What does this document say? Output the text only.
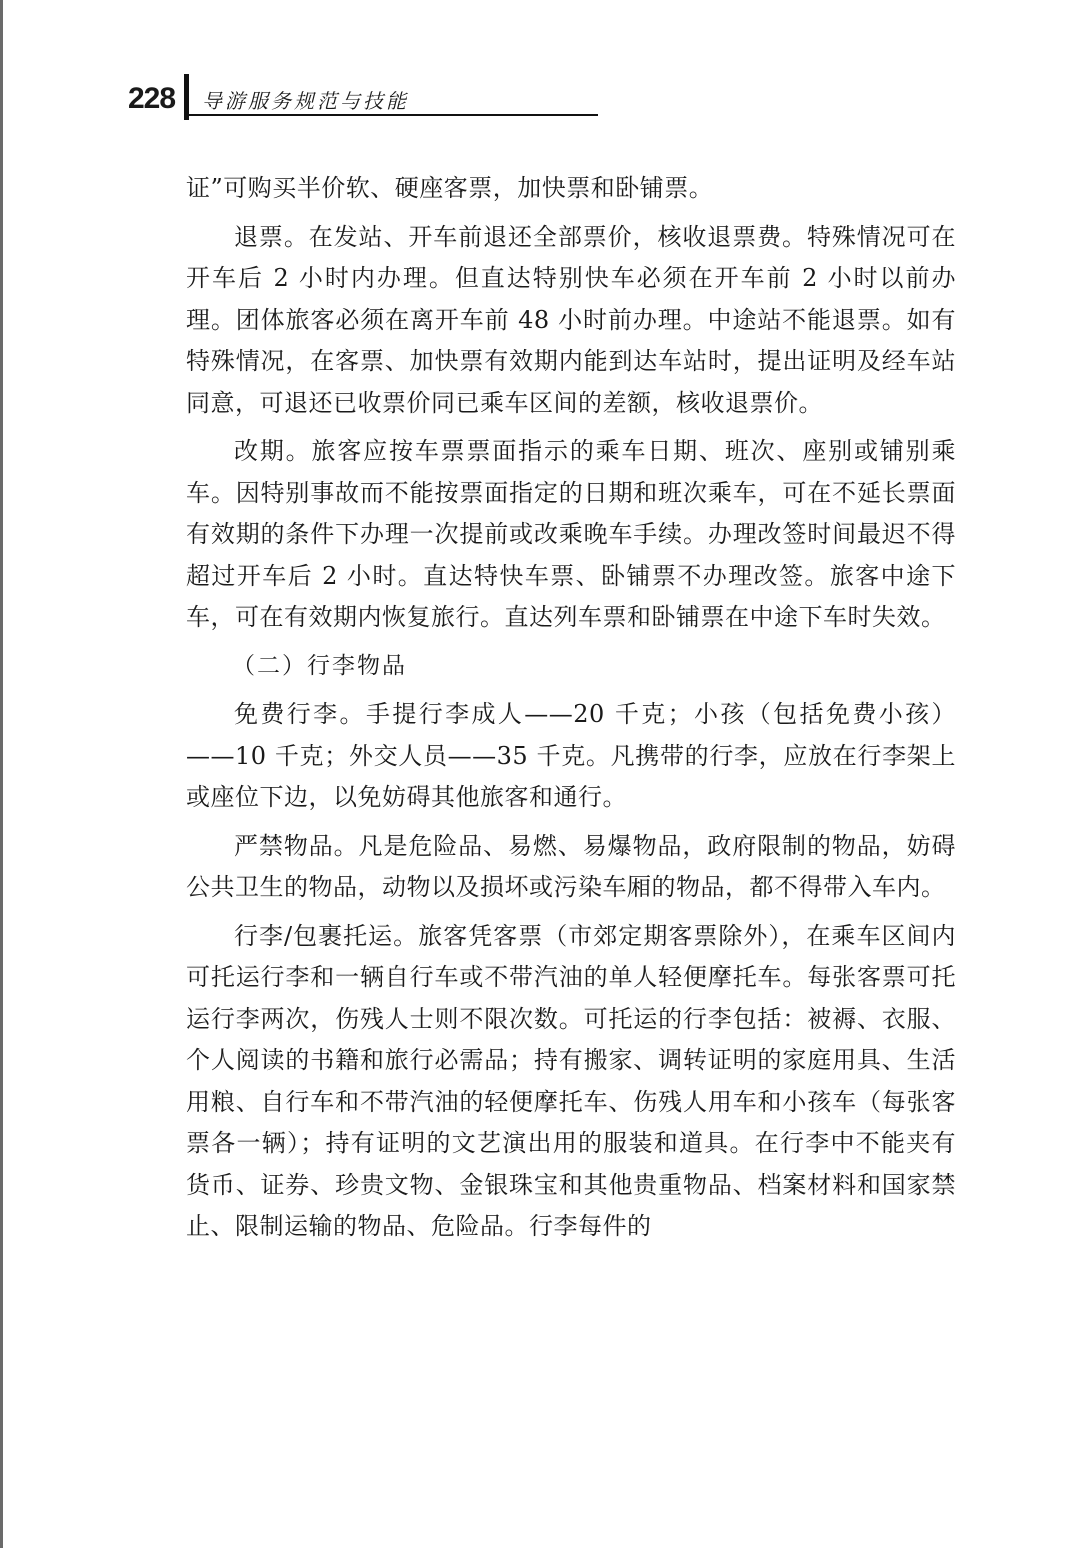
228 导游服务规范与技能

证”可购买半价软、硬座客票，加快票和卧铺票。

退票。在发站、开车前退还全部票价，核收退票费。特殊情况可在开车后 2 小时内办理。但直达特别快车必须在开车前 2 小时以前办理。团体旅客必须在离开车前 48 小时前办理。中途站不能退票。如有特殊情况，在客票、加快票有效期内能到达车站时，提出证明及经车站同意，可退还已收票价同已乘车区间的差额，核收退票价。

改期。旅客应按车票票面指示的乘车日期、班次、座别或铺别乘车。因特别事故而不能按票面指定的日期和班次乘车，可在不延长票面有效期的条件下办理一次提前或改乘晚车手续。办理改签时间最迟不得超过开车后 2 小时。直达特快车票、卧铺票不办理改签。旅客中途下车，可在有效期内恢复旅行。直达列车票和卧铺票在中途下车时失效。

（二）行李物品

免费行李。手提行李成人——20 千克；小孩（包括免费小孩）——10 千克；外交人员——35 千克。凡携带的行李，应放在行李架上或座位下边，以免妨碍其他旅客和通行。

严禁物品。凡是危险品、易燃、易爆物品，政府限制的物品，妨碍公共卫生的物品，动物以及损坏或污染车厢的物品，都不得带入车内。

行李/包裹托运。旅客凭客票（市郊定期客票除外），在乘车区间内可托运行李和一辆自行车或不带汽油的单人轻便摩托车。每张客票可托运行李两次，伤残人士则不限次数。可托运的行李包括：被褥、衣服、个人阅读的书籍和旅行必需品；持有搬家、调转证明的家庭用具、生活用粮、自行车和不带汽油的轻便摩托车、伤残人用车和小孩车（每张客票各一辆）；持有证明的文艺演出用的服装和道具。在行李中不能夹有货币、证券、珍贵文物、金银珠宝和其他贵重物品、档案材料和国家禁止、限制运输的物品、危险品。行李每件的
